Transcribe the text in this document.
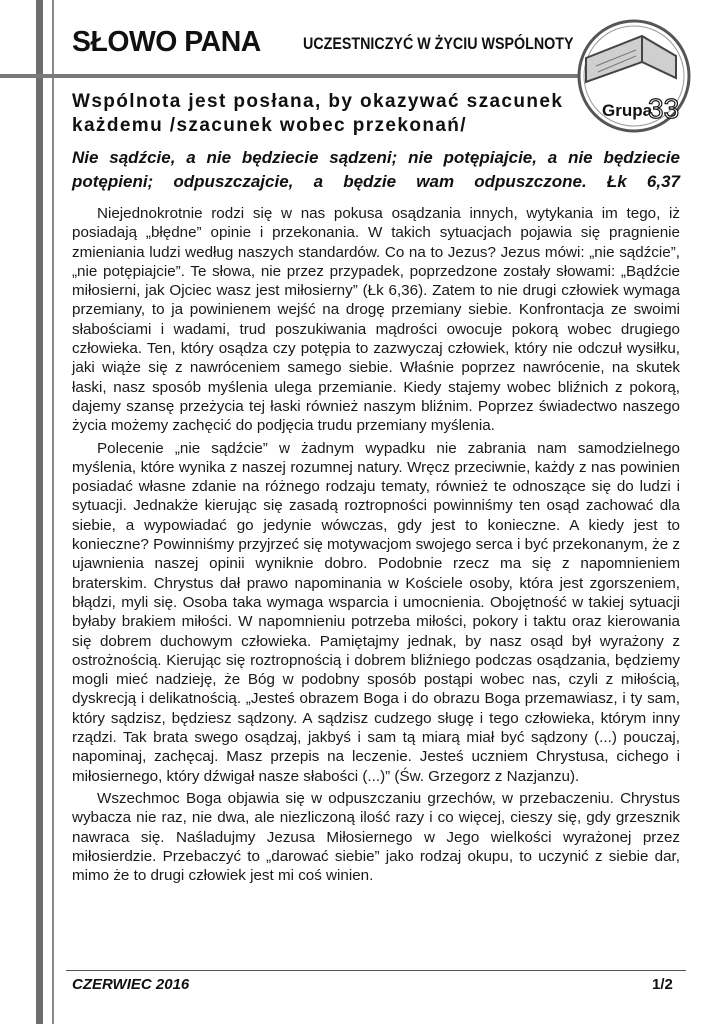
SŁOWO PANA UCZESTNICZYĆ W ŻYCIU WSPÓLNOTY
Grupa
33
Wspólnota jest posłana, by okazywać szacunek
każdemu /szacunek wobec przekonań/

Nie sądźcie, a nie będziecie sądzeni; nie potępiajcie, a nie będziecie potępieni; odpuszczajcie, a będzie wam odpuszczone. Łk 6,37

Niejednokrotnie rodzi się w nas pokusa osądzania innych, wytykania im tego, iż posiadają „błędne” opinie i przekonania. W takich sytuacjach pojawia się pragnienie zmieniania ludzi według naszych standardów. Co na to Jezus? Jezus mówi: „nie sądźcie”, „nie potępiajcie”. Te słowa, nie przez przypadek, poprzedzone zostały słowami: „Bądźcie miłosierni, jak Ojciec wasz jest miłosierny” (Łk 6,36). Zatem to nie drugi człowiek wymaga przemiany, to ja powinienem wejść na drogę przemiany siebie. Konfrontacja ze swoimi słabościami i wadami, trud poszukiwania mądrości owocuje pokorą wobec drugiego człowieka. Ten, który osądza czy potępia to zazwyczaj człowiek, który nie odczuł wysiłku, jaki wiąże się z nawróceniem samego siebie. Właśnie poprzez nawrócenie, na skutek łaski, nasz sposób myślenia ulega przemianie. Kiedy stajemy wobec bliźnich z pokorą, dajemy szansę przeżycia tej łaski również naszym bliźnim. Poprzez świadectwo naszego życia możemy zachęcić do podjęcia trudu przemiany myślenia.

Polecenie „nie sądźcie” w żadnym wypadku nie zabrania nam samodzielnego myślenia, które wynika z naszej rozumnej natury. Wręcz przeciwnie, każdy z nas powinien posiadać własne zdanie na różnego rodzaju tematy, również te odnoszące się do ludzi i sytuacji. Jednakże kierując się zasadą roztropności powinniśmy ten osąd zachować dla siebie, a wypowiadać go jedynie wówczas, gdy jest to konieczne. A kiedy jest to konieczne? Powinniśmy przyjrzeć się motywacjom swojego serca i być przekonanym, że z ujawnienia naszej opinii wyniknie dobro. Podobnie rzecz ma się z napomnieniem braterskim. Chrystus dał prawo napominania w Kościele osoby, która jest zgorszeniem, błądzi, myli się. Osoba taka wymaga wsparcia i umocnienia. Obojętność w takiej sytuacji byłaby brakiem miłości. W napomnieniu potrzeba miłości, pokory i taktu oraz kierowania się dobrem duchowym człowieka. Pamiętajmy jednak, by nasz osąd był wyrażony z ostrożnością. Kierując się roztropnością i dobrem bliźniego podczas osądzania, będziemy mogli mieć nadzieję, że Bóg w podobny sposób postąpi wobec nas, czyli z miłością, dyskrecją i delikatnością. „Jesteś obrazem Boga i do obrazu Boga przemawiasz, i ty sam, który sądzisz, będziesz sądzony. A sądzisz cudzego sługę i tego człowieka, którym inny rządzi. Tak brata swego osądzaj, jakbyś i sam tą miarą miał być sądzony (...) pouczaj, napominaj, zachęcaj. Masz przepis na leczenie. Jesteś uczniem Chrystusa, cichego i miłosiernego, który dźwigał nasze słabości (...)” (Św. Grzegorz z Nazjanzu).

Wszechmoc Boga objawia się w odpuszczaniu grzechów, w przebaczeniu. Chrystus wybacza nie raz, nie dwa, ale niezliczoną ilość razy i co więcej, cieszy się, gdy grzesznik nawraca się. Naśladujmy Jezusa Miłosiernego w Jego wielkości wyrażonej przez miłosierdzie. Przebaczyć to „darować siebie” jako rodzaj okupu, to uczynić z siebie dar, mimo że to drugi człowiek jest mi coś winien.

CZERWIEC 2016	1/2
